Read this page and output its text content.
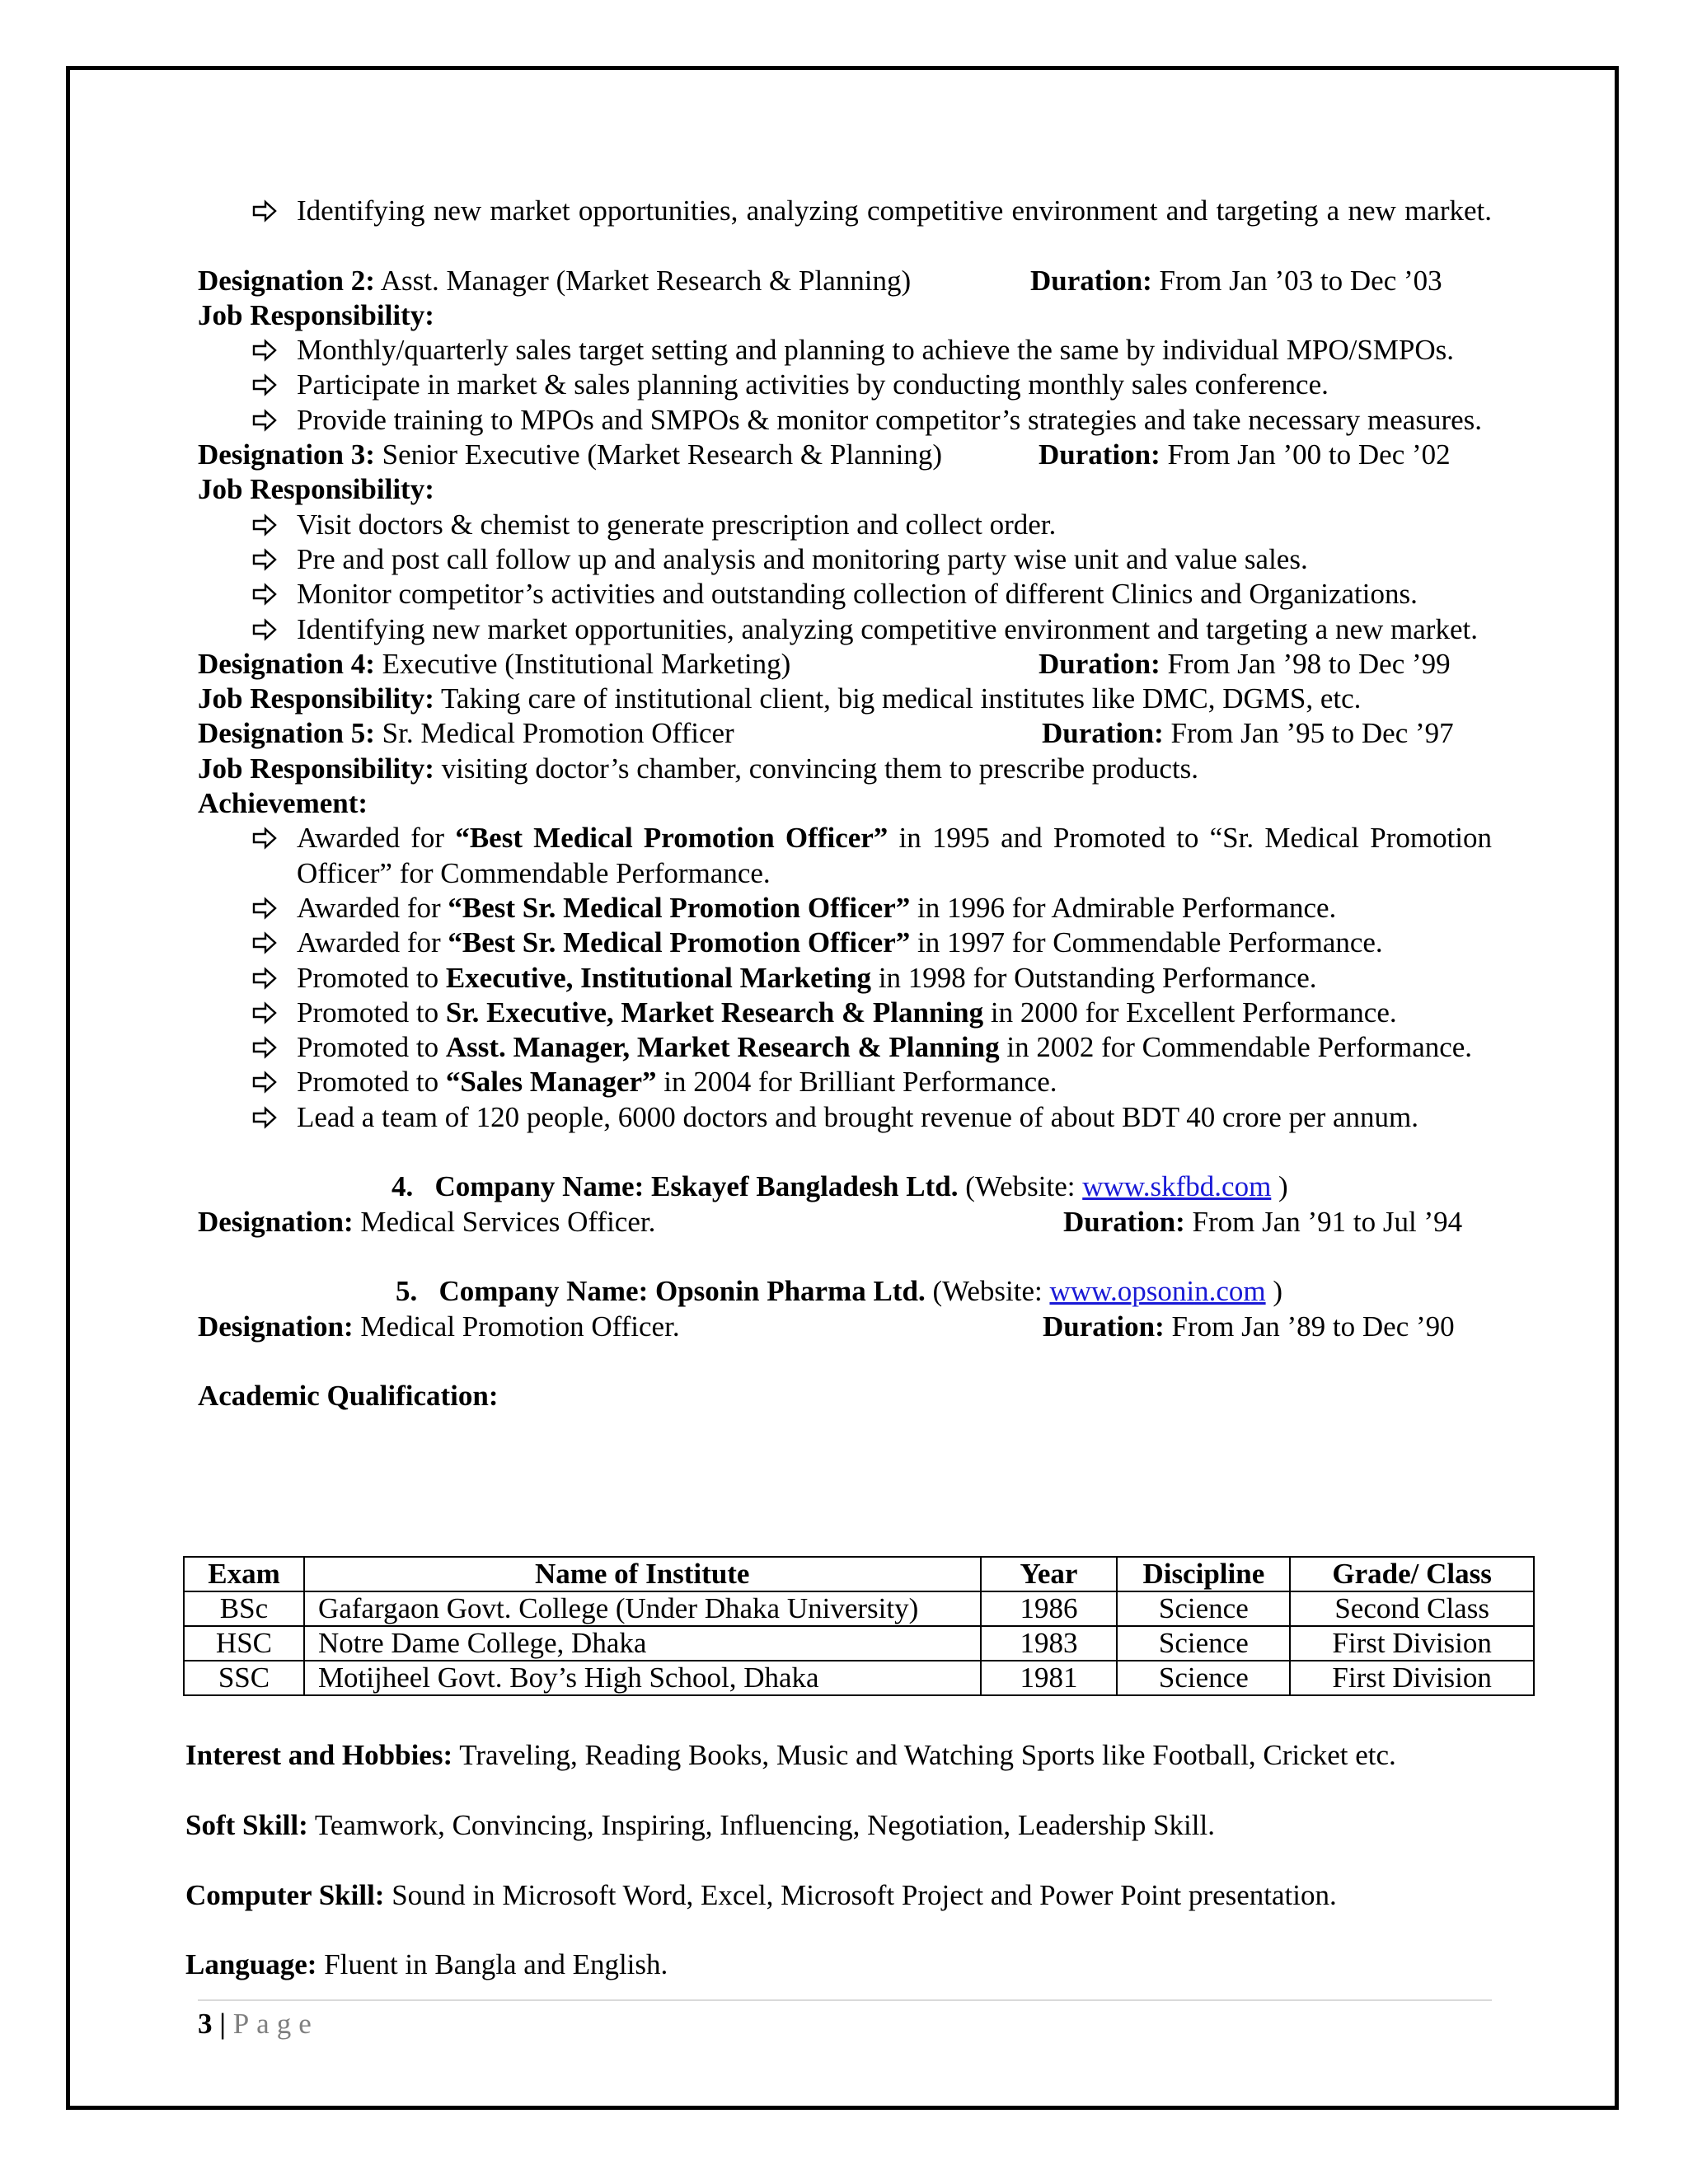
Identifying new market opportunities, analyzing competitive environment and targeting a new market.
Designation 2: Asst. Manager (Market Research & Planning)	Duration: From Jan ’03 to Dec ’03
Job Responsibility:
Monthly/quarterly sales target setting and planning to achieve the same by individual MPO/SMPOs.
Participate in market & sales planning activities by conducting monthly sales conference.
Provide training to MPOs and SMPOs & monitor competitor’s strategies and take necessary measures.
Designation 3: Senior Executive (Market Research & Planning)	Duration: From Jan ’00 to Dec ’02
Job Responsibility:
Visit doctors & chemist to generate prescription and collect order.
Pre and post call follow up and analysis and monitoring party wise unit and value sales.
Monitor competitor’s activities and outstanding collection of different Clinics and Organizations.
Identifying new market opportunities, analyzing competitive environment and targeting a new market.
Designation 4: Executive (Institutional Marketing)	Duration: From Jan ’98 to Dec ’99
Job Responsibility: Taking care of institutional client, big medical institutes like DMC, DGMS, etc.
Designation 5: Sr. Medical Promotion Officer	Duration: From Jan ’95 to Dec ’97
Job Responsibility: visiting doctor’s chamber, convincing them to prescribe products.
Achievement:
Awarded for “Best Medical Promotion Officer” in 1995 and Promoted to “Sr. Medical Promotion Officer” for Commendable Performance.
Awarded for “Best Sr. Medical Promotion Officer” in 1996 for Admirable Performance.
Awarded for “Best Sr. Medical Promotion Officer” in 1997 for Commendable Performance.
Promoted to Executive, Institutional Marketing in 1998 for Outstanding Performance.
Promoted to Sr. Executive, Market Research & Planning in 2000 for Excellent Performance.
Promoted to Asst. Manager, Market Research & Planning in 2002 for Commendable Performance.
Promoted to “Sales Manager” in 2004 for Brilliant Performance.
Lead a team of 120 people, 6000 doctors and brought revenue of about BDT 40 crore per annum.
4. Company Name: Eskayef Bangladesh Ltd. (Website: www.skfbd.com )
Designation: Medical Services Officer.	Duration: From Jan ’91 to Jul ’94
5. Company Name: Opsonin Pharma Ltd. (Website: www.opsonin.com )
Designation: Medical Promotion Officer.	Duration: From Jan ’89 to Dec ’90
Academic Qualification:
Exam	Name of Institute	Year	Discipline	Grade/ Class
BSc	Gafargaon Govt. College (Under Dhaka University)	1986	Science	Second Class
HSC	Notre Dame College, Dhaka	1983	Science	First Division
SSC	Motijheel Govt. Boy’s High School, Dhaka	1981	Science	First Division
Interest and Hobbies: Traveling, Reading Books, Music and Watching Sports like Football, Cricket etc.
Soft Skill: Teamwork, Convincing, Inspiring, Influencing, Negotiation, Leadership Skill.
Computer Skill: Sound in Microsoft Word, Excel, Microsoft Project and Power Point presentation.
Language: Fluent in Bangla and English.
3 | Page
